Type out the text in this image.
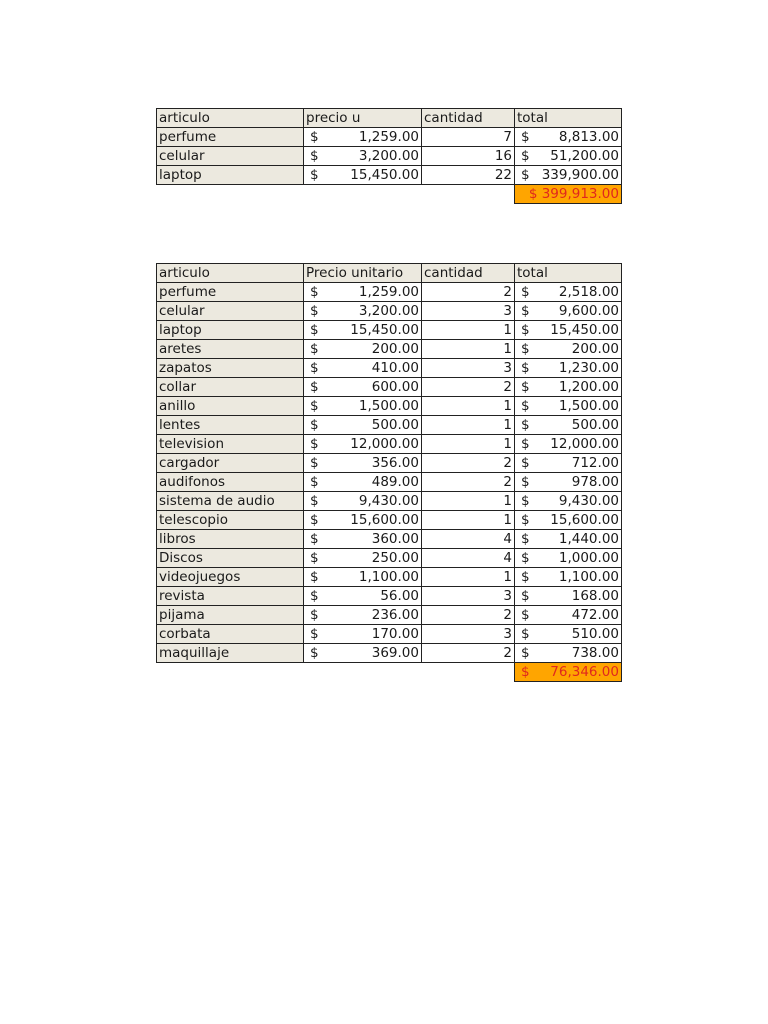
articulo	precio u	cantidad	total
perfume	$ 1,259.00	7	$ 8,813.00

celular	$ 3,200.00	16	$ 51,200.00

laptop	$ 15,450.00	22	$ 339,900.00

			$ 399,913.00
articulo	Precio unitario	cantidad	total
perfume	$ 1,259.00	2	$ 2,518.00

celular	$ 3,200.00	3	$ 9,600.00

laptop	$ 15,450.00	1	$ 15,450.00

aretes	$ 200.00	1	$ 200.00

zapatos	$ 410.00	3	$ 1,230.00

collar	$ 600.00	2	$ 1,200.00

anillo	$ 1,500.00	1	$ 1,500.00

lentes	$ 500.00	1	$ 500.00

television	$ 12,000.00	1	$ 12,000.00

cargador	$ 356.00	2	$ 712.00

audifonos	$ 489.00	2	$ 978.00

sistema de audio	$ 9,430.00	1	$ 9,430.00

telescopio	$ 15,600.00	1	$ 15,600.00

libros	$ 360.00	4	$ 1,440.00

Discos	$ 250.00	4	$ 1,000.00

videojuegos	$ 1,100.00	1	$ 1,100.00

revista	$ 56.00	3	$ 168.00

pijama	$ 236.00	2	$ 472.00

corbata	$ 170.00	3	$ 510.00

maquillaje	$ 369.00	2	$ 738.00

			$ 76,346.00
